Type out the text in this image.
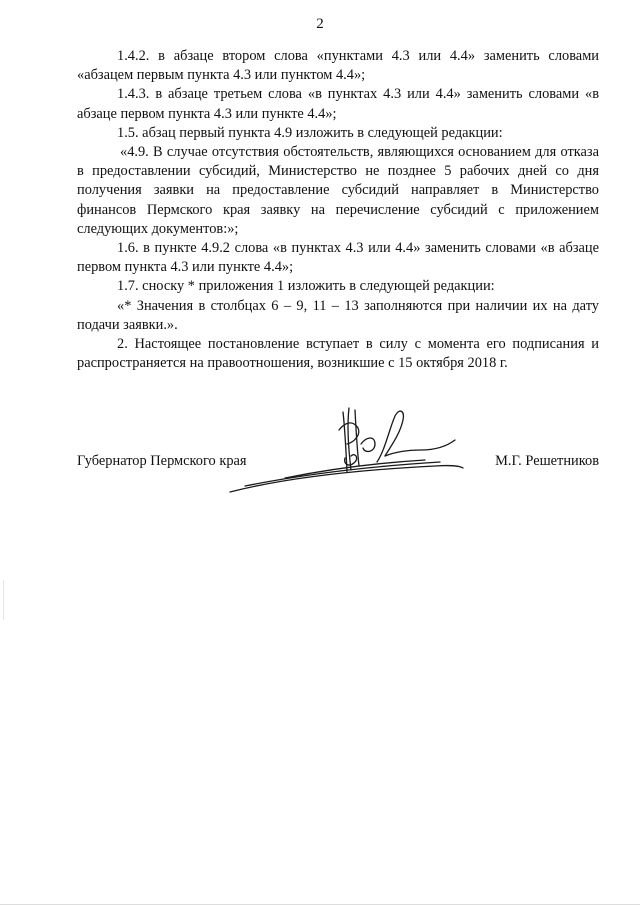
2

1.4.2. в абзаце втором слова «пунктами 4.3 или 4.4» заменить словами «абзацем первым пункта 4.3 или пунктом 4.4»;

1.4.3. в абзаце третьем слова «в пунктах 4.3 или 4.4» заменить словами «в абзаце первом пункта 4.3 или пункте 4.4»;

1.5. абзац первый пункта 4.9 изложить в следующей редакции:

«4.9. В случае отсутствия обстоятельств, являющихся основанием для отказа в предоставлении субсидий, Министерство не позднее 5 рабочих дней со дня получения заявки на предоставление субсидий направляет в Министерство финансов Пермского края заявку на перечисление субсидий с приложением следующих документов:»;

1.6. в пункте 4.9.2 слова «в пунктах 4.3 или 4.4» заменить словами «в абзаце первом пункта 4.3 или пункте 4.4»;

1.7. сноску * приложения 1 изложить в следующей редакции:

«* Значения в столбцах 6 – 9, 11 – 13 заполняются при наличии их на дату подачи заявки.».

2. Настоящее постановление вступает в силу с момента его подписания и распространяется на правоотношения, возникшие с 15 октября 2018 г.

Губернатор Пермского края	М.Г. Решетников
